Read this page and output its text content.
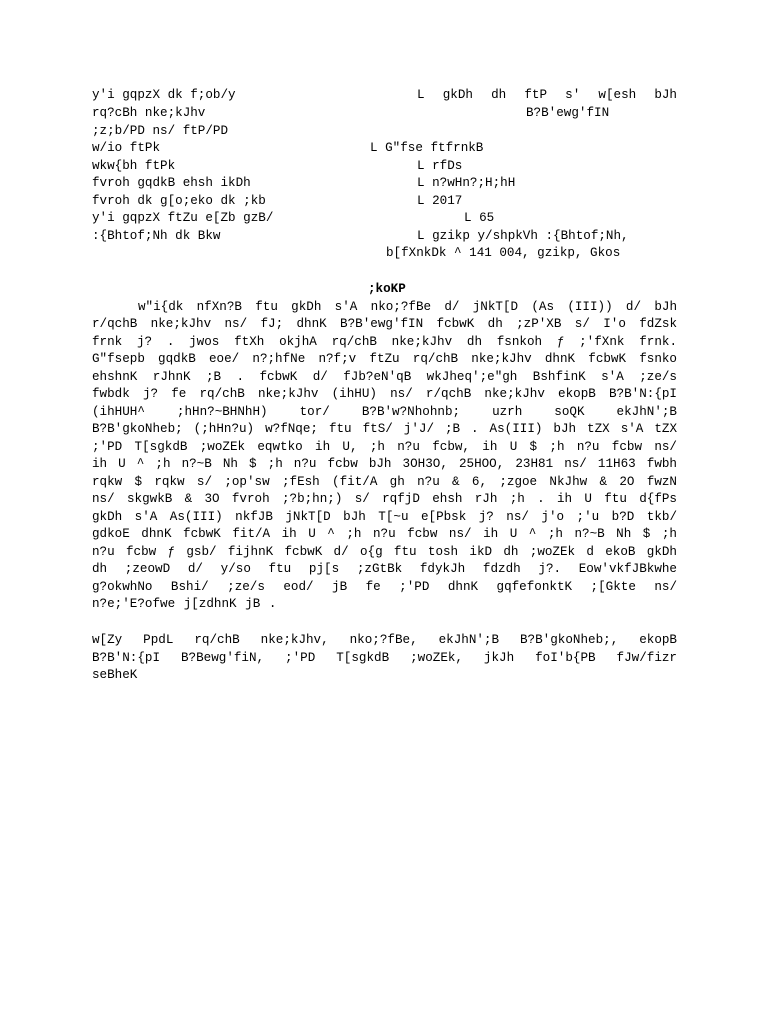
y'i gqpzX dk f;ob/y
rq?cBh nke;kJhv
;z;b/PD ns/ ftP/PD
w/io ftPk
wkw{bh ftPk
fvroh gqdkB ehsh ikDh
fvroh dk g[o;eko dk ;kb
y'i gqpzX ftZu e[Zb gzB/
:{Bhtof;Nh dk Bkw
L gkDh dh ftP s' w[esh bJh
B?B'ewg'fIN
L G"fse ftfrnkB
L rfDs
L n?wHn?;H;hH
L 2017
L 65
L gzikp y/shpkVh :{Bhtof;Nh,
b[fXnkDk ^ 141 004, gzikp, Gkos
;koKP
w"i{dk nfXn?B ftu gkDh s'A nko;?fBe d/ jNkT[D (As (III)) d/ bJh
r/qchB nke;kJhv ns/ fJ; dhnK B?B'ewg'fIN fcbwK dh ;zP'XB s/ I'o fdZsk
frnk j? . jwos ftXh okjhA rq/chB nke;kJhv dh fsnkoh ƒ ;'fXnk frnk.
G"fsepb gqdkB eoe/ n?;hfNe n?f;v ftZu rq/chB nke;kJhv dhnK fcbwK fsnko
ehshnK rJhnK ;B . fcbwK d/ fJb?eN'qB wkJheq';e"gh BshfinK s'A ;ze/s
fwbdk j? fe rq/chB nke;kJhv (ihHU) ns/ r/qchB nke;kJhv ekopB B?B'N:{pI
(ihHUH^ ;hHn?~BHNhH) tor/ B?B'w?Nhohnb; uzrh soQK ekJhN';B
B?B'gkoNheb; (;hHn?u) w?fNqe; ftu ftS/ j'J/ ;B . As(III) bJh tZX s'A tZX
;'PD T[sgkdB ;woZEk eqwtko ih U, ;h n?u fcbw, ih U $ ;h n?u fcbw ns/
ih U ^ ;h n?~B Nh $ ;h n?u fcbw bJh 3OH3O, 25HOO, 23H81 ns/ 11H63 fwbh
rqkw $ rqkw s/ ;op'sw ;fEsh (fit/A gh n?u & 6, ;zgoe NkJhw & 2O fwzN
ns/ skgwkB & 3O fvroh ;?b;hn;) s/ rqfjD ehsh rJh ;h . ih U ftu d{fPs
gkDh s'A As(III) nkfJB jNkT[D bJh T[~u e[Pbsk j? ns/ j'o ;'u b?D tkb/
gdkoE dhnK fcbwK fit/A ih U ^ ;h n?u fcbw ns/ ih U ^ ;h n?~B Nh $ ;h
n?u fcbw ƒ gsb/ fijhnK fcbwK d/ o{g ftu tosh ikD dh ;woZEk d ekoB gkDh
dh ;zeowD d/ y/so ftu pj[s ;zGtBk fdykJh fdzdh j?. Eow'vkfJBkwhe
g?okwhNo Bshi/ ;ze/s eod/ jB fe ;'PD dhnK gqfefonktK ;[Gkte ns/
n?e;'E?ofwe j[zdhnK jB .
w[Zy PpdL rq/chB nke;kJhv, nko;?fBe, ekJhN';B B?B'gkoNheb;, ekopB
B?B'N:{pI B?Bewg'fiN, ;'PD T[sgkdB ;woZEk, jkJh foI'b{PB fJw/fizr
seBheK
